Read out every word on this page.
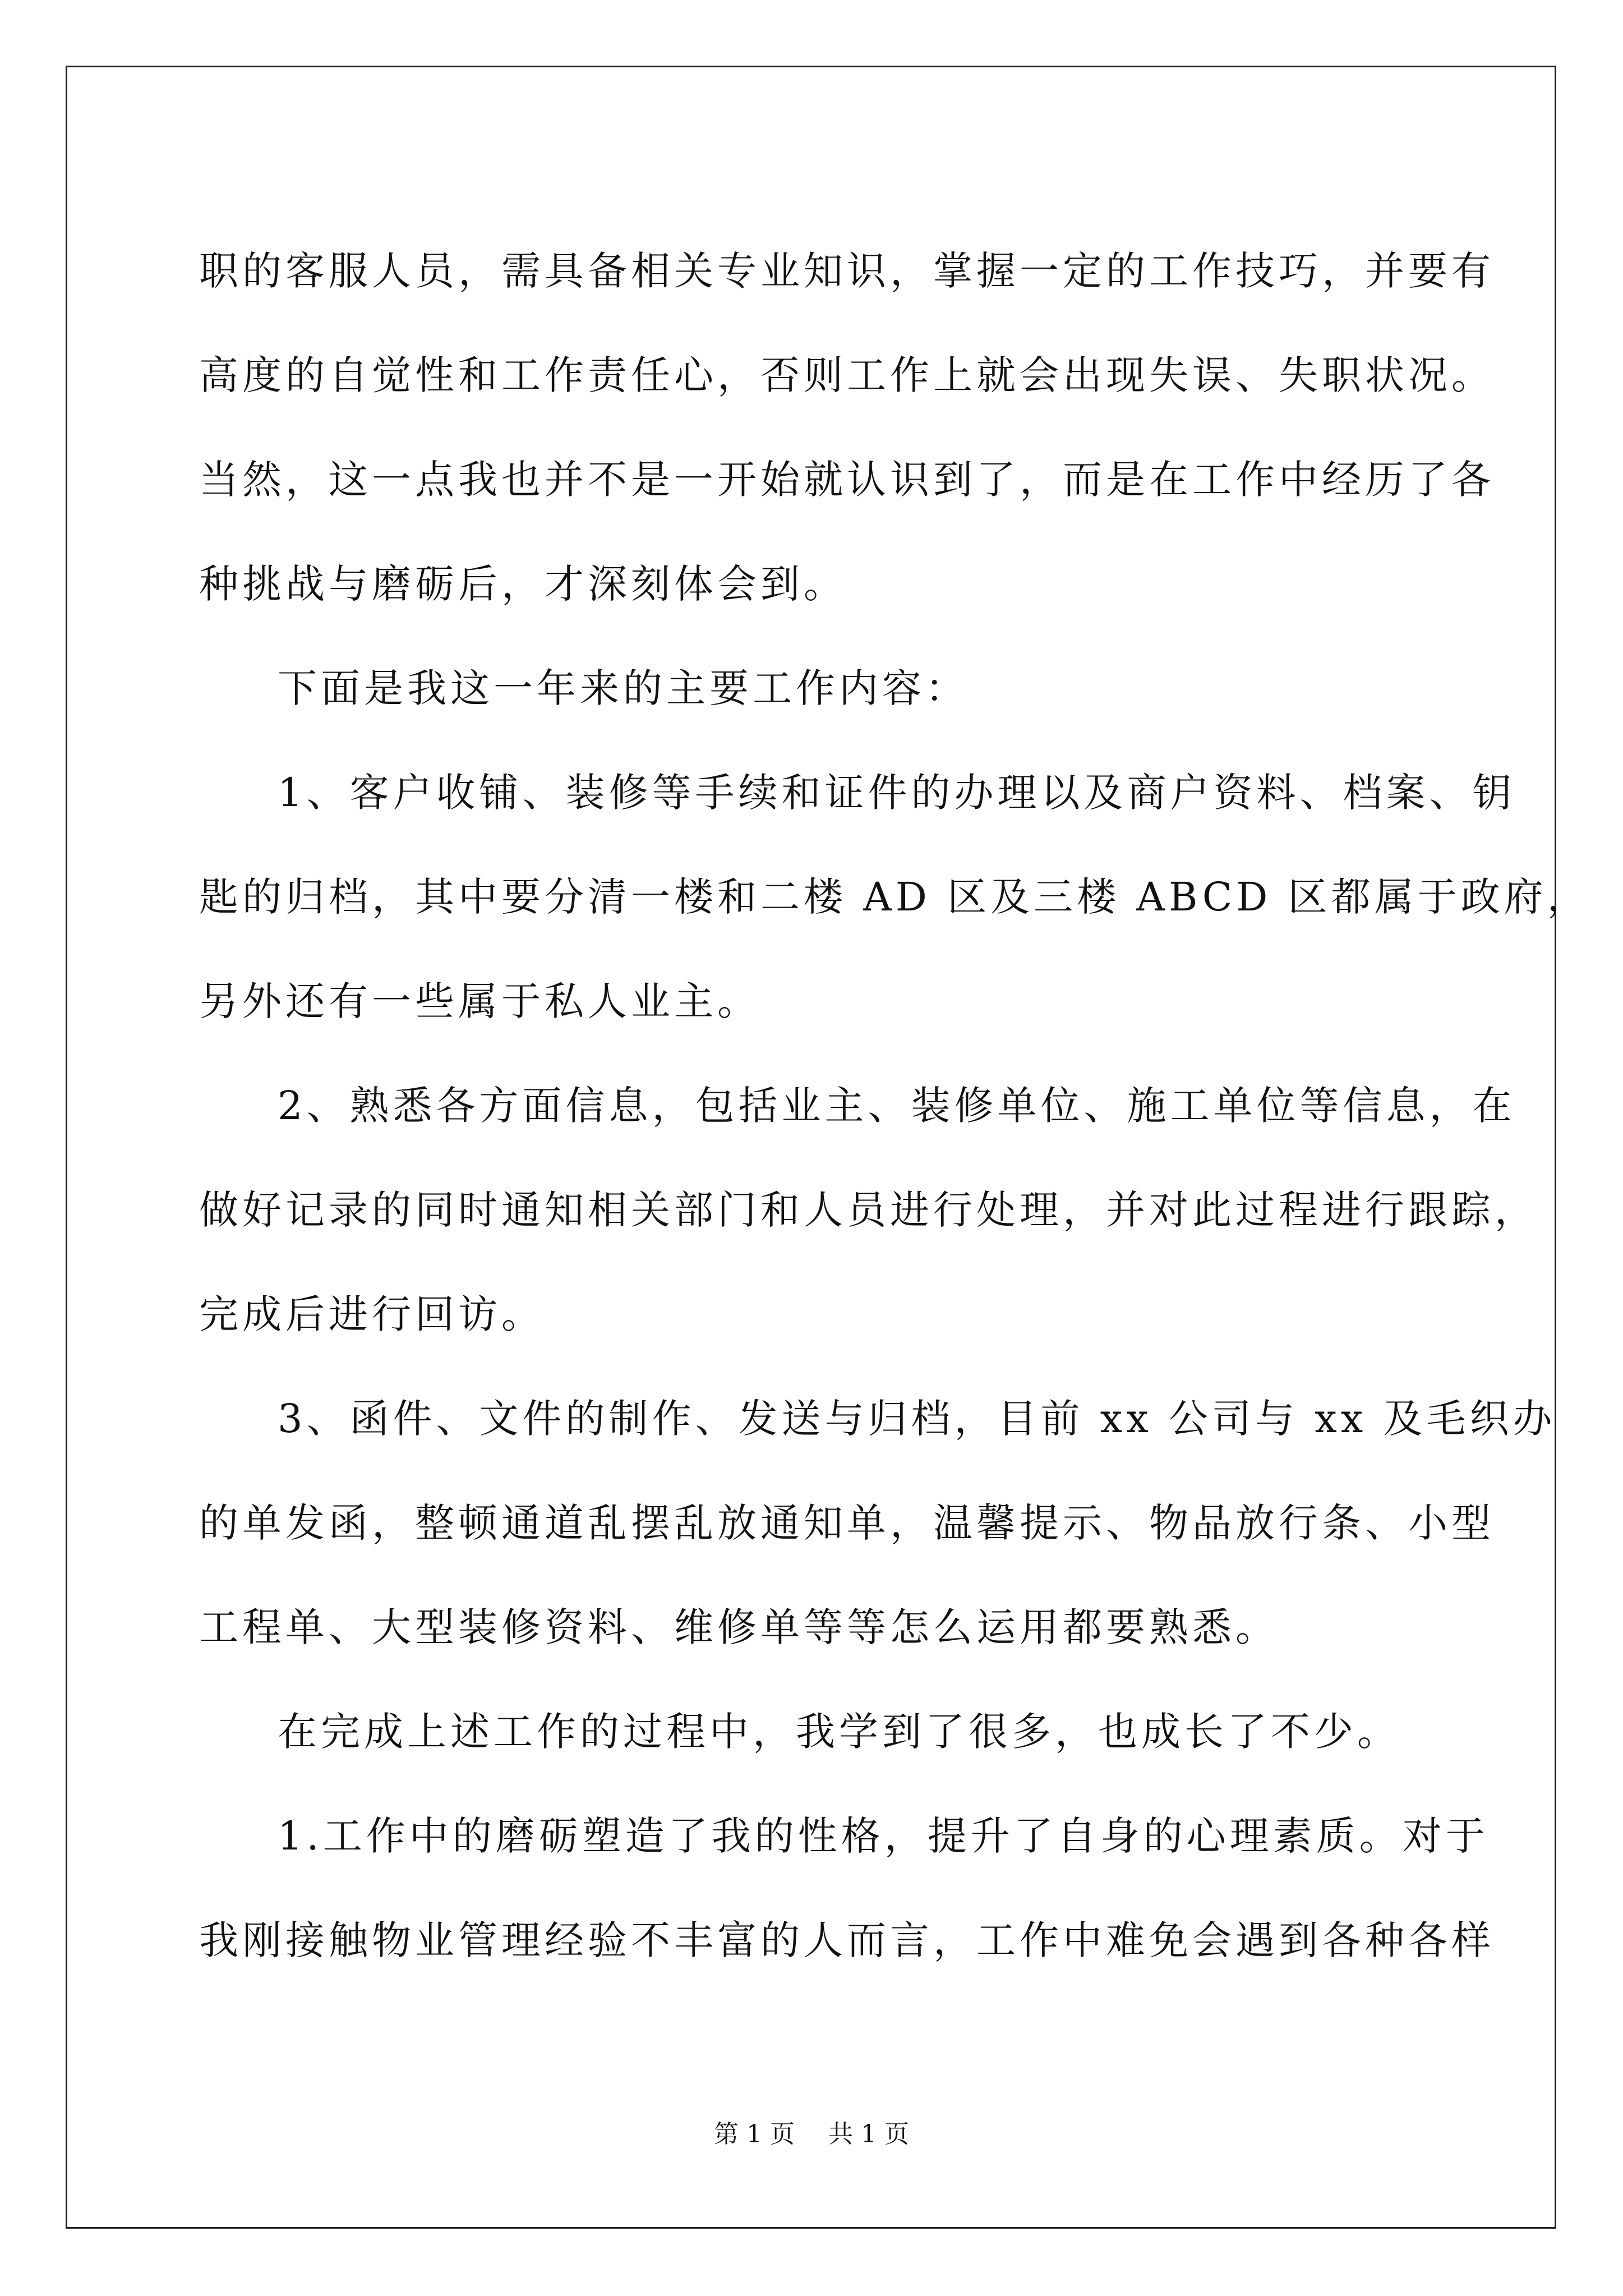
职的客服人员，需具备相关专业知识，掌握一定的工作技巧，并要有
高度的自觉性和工作责任心，否则工作上就会出现失误、失职状况。
当然，这一点我也并不是一开始就认识到了，而是在工作中经历了各
种挑战与磨砺后，才深刻体会到。
下面是我这一年来的主要工作内容：
1、客户收铺、装修等手续和证件的办理以及商户资料、档案、钥
匙的归档，其中要分清一楼和二楼 AD 区及三楼 ABCD 区都属于政府，
另外还有一些属于私人业主。
2、熟悉各方面信息，包括业主、装修单位、施工单位等信息，在
做好记录的同时通知相关部门和人员进行处理，并对此过程进行跟踪，
完成后进行回访。
3、函件、文件的制作、发送与归档，目前 xx 公司与 xx 及毛织办
的单发函，整顿通道乱摆乱放通知单，温馨提示、物品放行条、小型
工程单、大型装修资料、维修单等等怎么运用都要熟悉。
在完成上述工作的过程中，我学到了很多，也成长了不少。
1.工作中的磨砺塑造了我的性格，提升了自身的心理素质。对于
我刚接触物业管理经验不丰富的人而言，工作中难免会遇到各种各样
第 1 页 共 1 页
